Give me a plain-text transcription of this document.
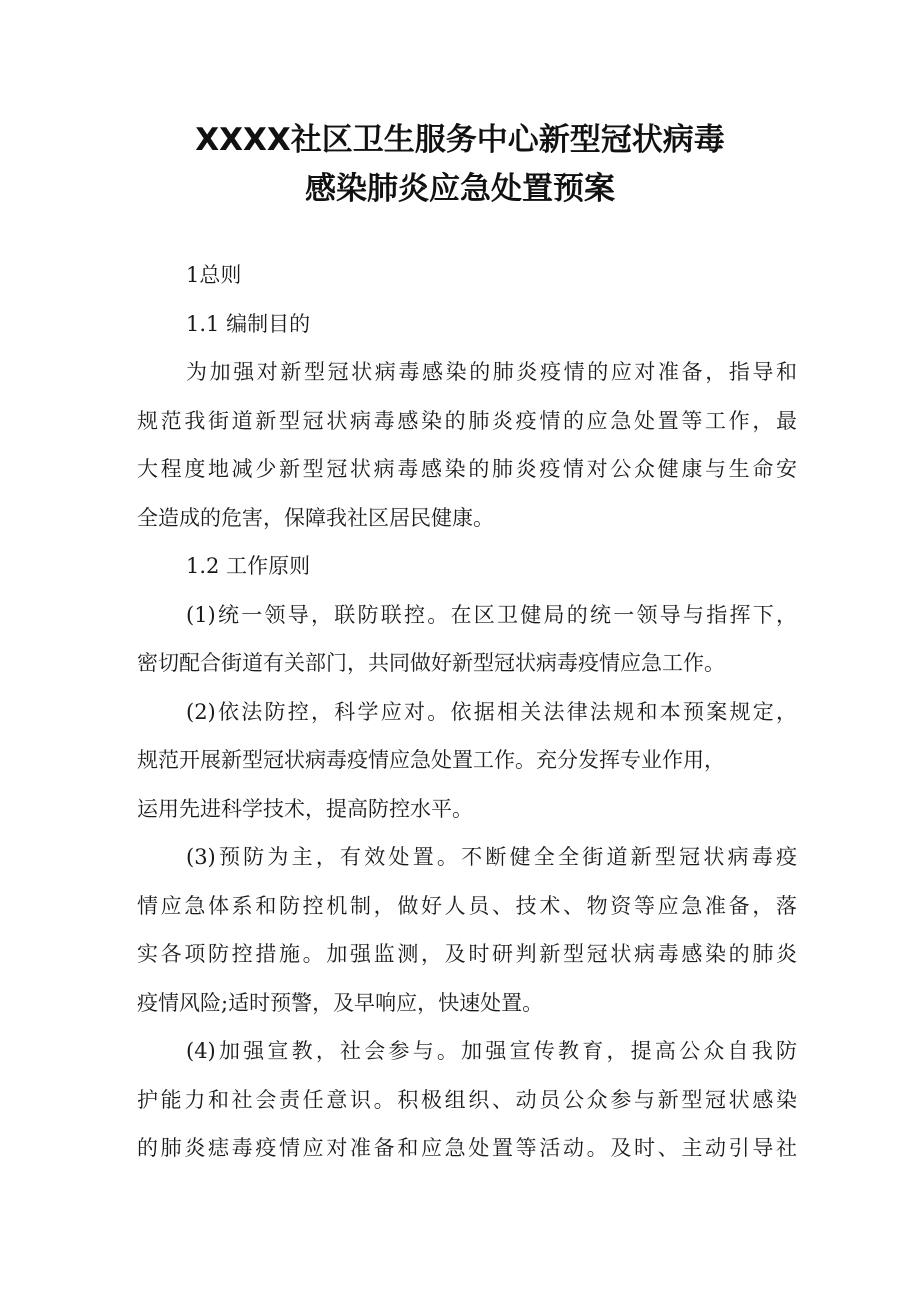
XXXX社区卫生服务中心新型冠状病毒
感染肺炎应急处置预案

1总则

1.1 编制目的

为加强对新型冠状病毒感染的肺炎疫情的应对准备，指导和

规范我街道新型冠状病毒感染的肺炎疫情的应急处置等工作，最

大程度地减少新型冠状病毒感染的肺炎疫情对公众健康与生命安

全造成的危害，保障我社区居民健康。

1.2 工作原则

(1)统一领导，联防联控。在区卫健局的统一领导与指挥下，

密切配合街道有关部门，共同做好新型冠状病毒疫情应急工作。

(2)依法防控，科学应对。依据相关法律法规和本预案规定，

规范开展新型冠状病毒疫情应急处置工作。充分发挥专业作用，

运用先进科学技术，提高防控水平。

(3)预防为主，有效处置。不断健全全街道新型冠状病毒疫

情应急体系和防控机制，做好人员、技术、物资等应急准备，落

实各项防控措施。加强监测，及时研判新型冠状病毒感染的肺炎

疫情风险;适时预警，及早响应，快速处置。

(4)加强宣教，社会参与。加强宣传教育，提高公众自我防

护能力和社会责任意识。积极组织、动员公众参与新型冠状感染

的肺炎痣毒疫情应对准备和应急处置等活动。及时、主动引导社
